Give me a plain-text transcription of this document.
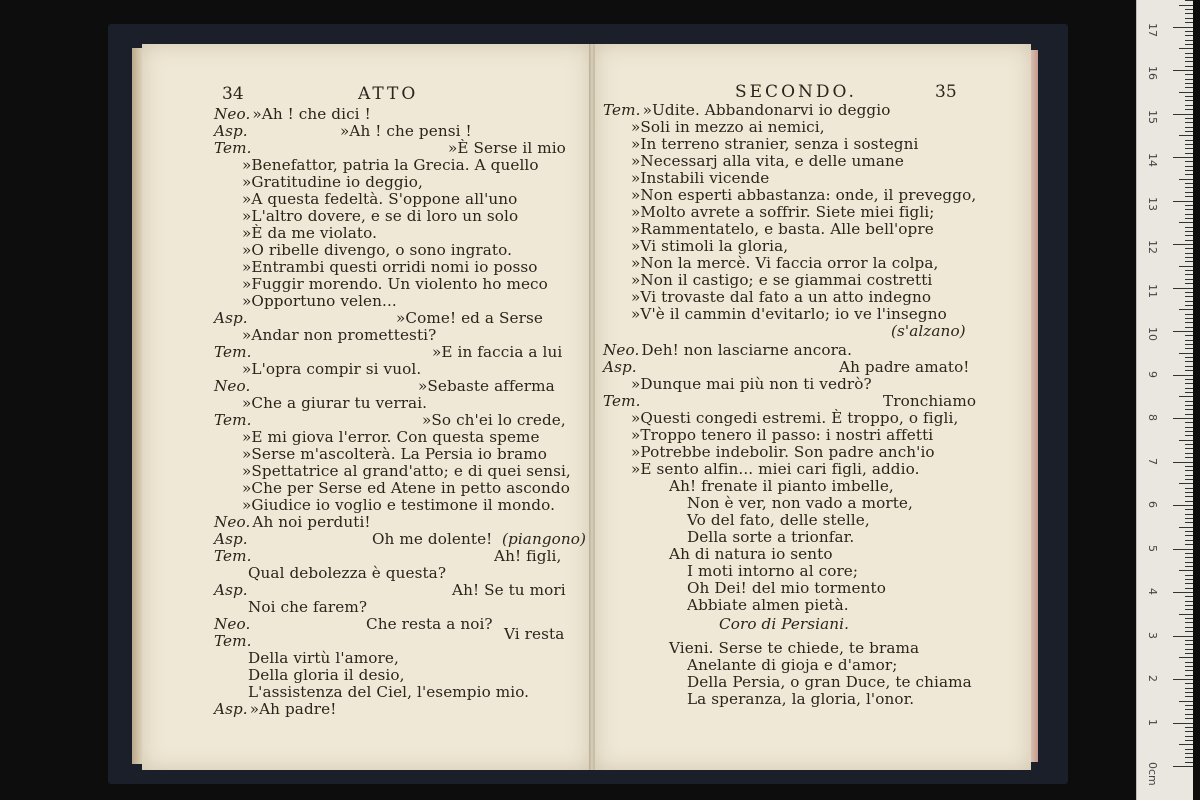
34	ATTO
Neo. »Ah ! che dici !
Asp.	»Ah ! che pensi !
Tem.	»È Serse il mio
»Benefattor, patria la Grecia. A quello
»Gratitudine io deggio,
»A questa fedeltà. S'oppone all'uno
»L'altro dovere, e se di loro un solo
»È da me violato.
»O ribelle divengo, o sono ingrato.
»Entrambi questi orridi nomi io posso
»Fuggir morendo. Un violento ho meco
»Opportuno velen...
Asp.	»Come! ed a Serse
»Andar non promettesti?
Tem.	»E in faccia a lui
»L'opra compir si vuol.
Neo.	»Sebaste afferma
»Che a giurar tu verrai.
Tem.	»So ch'ei lo crede,
»E mi giova l'error. Con questa speme
»Serse m'ascolterà. La Persia io bramo
»Spettatrice al grand'atto; e di quei sensi,
»Che per Serse ed Atene in petto ascondo
»Giudice io voglio e testimone il mondo.
Neo. Ah noi perduti!
Asp.	Oh me dolente! (piangono)
Tem.	Ah! figli,
Qual debolezza è questa?
Asp.	Ah! Se tu mori
Noi che farem?
Neo.	Che resta a noi?
Vi resta
Tem.
Della virtù l'amore,
Della gloria il desio,
L'assistenza del Ciel, l'esempio mio.
Asp. »Ah padre!
SECONDO.	35
Tem. »Udite. Abbandonarvi io deggio
»Soli in mezzo ai nemici,
»In terreno stranier, senza i sostegni
»Necessarj alla vita, e delle umane
»Instabili vicende
»Non esperti abbastanza: onde, il preveggo,
»Molto avrete a soffrir. Siete miei figli;
»Rammentatelo, e basta. Alle bell'opre
»Vi stimoli la gloria,
»Non la mercè. Vi faccia orror la colpa,
»Non il castigo; e se giammai costretti
»Vi trovaste dal fato a un atto indegno
»V'è il cammin d'evitarlo; io ve l'insegno
(s'alzano)
Neo. Deh! non lasciarne ancora.
Asp.	Ah padre amato!
»Dunque mai più non ti vedrò?
Tem.	Tronchiamo
»Questi congedi estremi. È troppo, o figli,
»Troppo tenero il passo: i nostri affetti
»Potrebbe indebolir. Son padre anch'io
»E sento alfin... miei cari figli, addio.
Ah! frenate il pianto imbelle,
Non è ver, non vado a morte,
Vo del fato, delle stelle,
Della sorte a trionfar.
Ah di natura io sento
I moti intorno al core;
Oh Dei! del mio tormento
Abbiate almen pietà.
Coro di Persiani.
Vieni. Serse te chiede, te brama
Anelante di gioja e d'amor;
Della Persia, o gran Duce, te chiama
La speranza, la gloria, l'onor.
0cm
1
2
3
4
5
6
7
8
9
10
11
12
13
14
15
16
17
